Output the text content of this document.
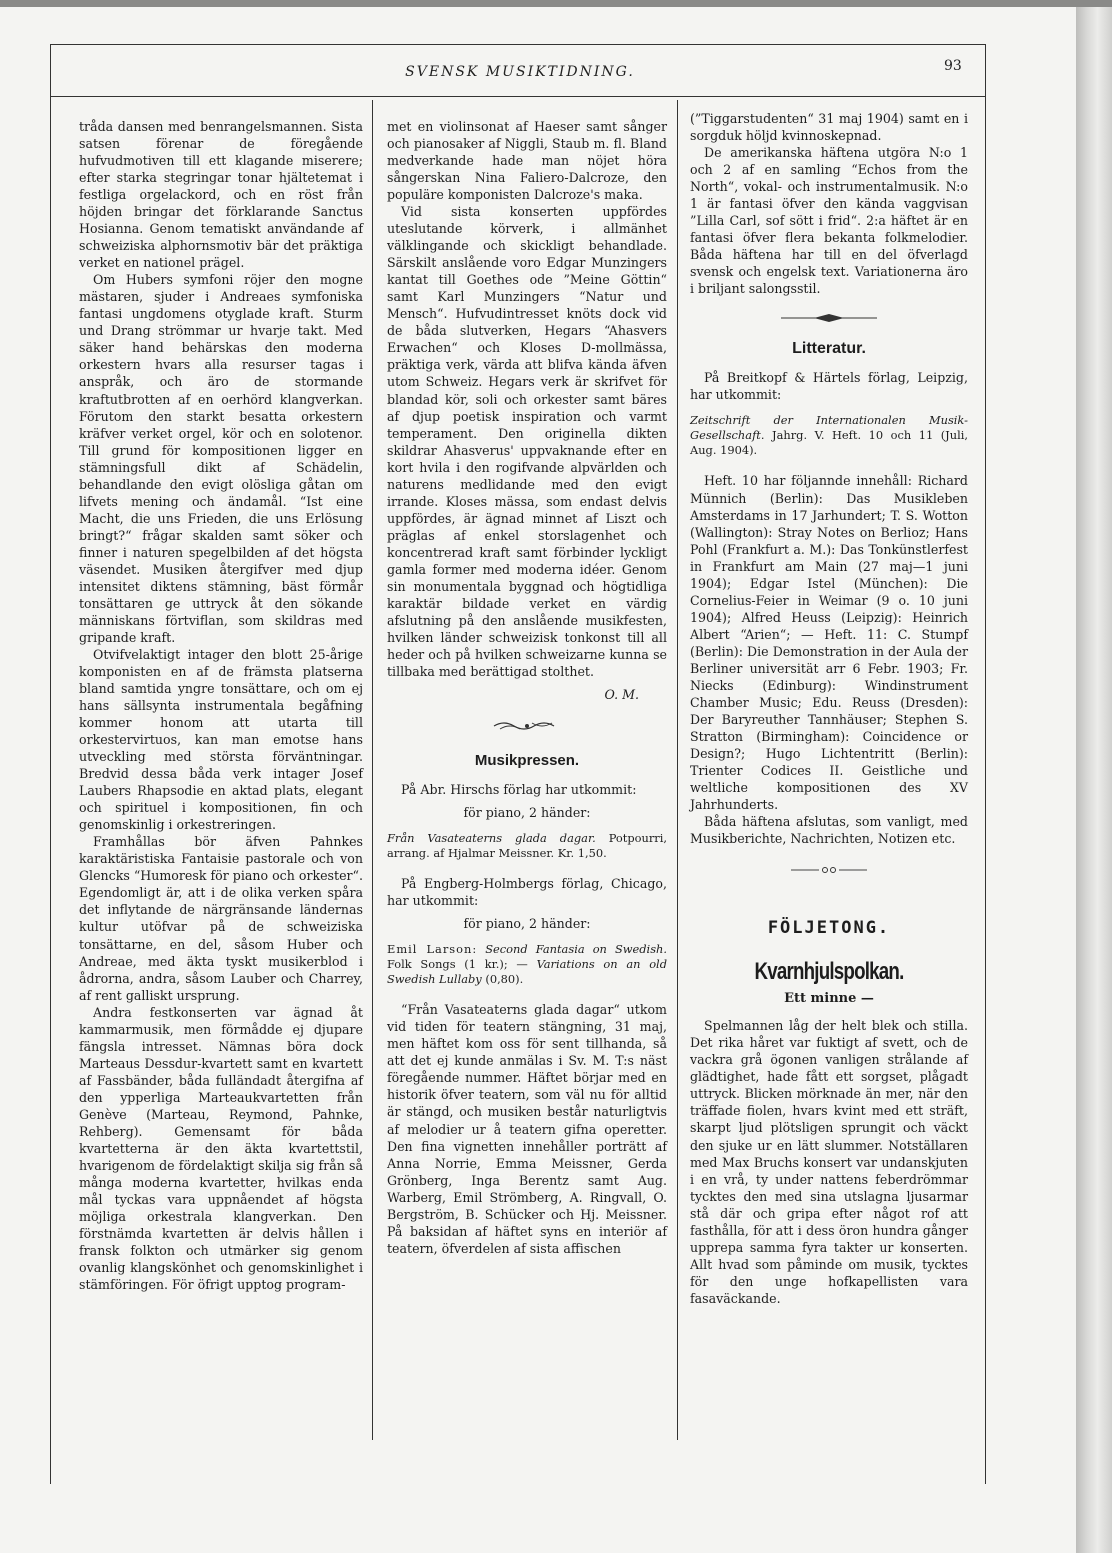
SVENSK MUSIKTIDNING.	93

tråda dansen med benrangelsmannen. Sista satsen förenar de föregående hufvudmotiven till ett klagande miserere; efter starka stegringar tonar hjältetemat i festliga orgelackord, och en röst från höjden bringar det förklarande Sanctus Hosianna. Genom tematiskt användande af schweiziska alphornsmotiv bär det präktiga verket en nationel prägel.

Om Hubers symfoni röjer den mogne mästaren, sjuder i Andreaes symfoniska fantasi ungdomens otyglade kraft. Sturm und Drang strömmar ur hvarje takt. Med säker hand behärskas den moderna orkestern hvars alla resurser tagas i anspråk, och äro de stormande kraftutbrotten af en oerhörd klangverkan. Förutom den starkt besatta orkestern kräfver verket orgel, kör och en solotenor. Till grund för kompositionen ligger en stämningsfull dikt af Schädelin, behandlande den evigt olösliga gåtan om lifvets mening och ändamål. “Ist eine Macht, die uns Frieden, die uns Erlösung bringt?“ frågar skalden samt söker och finner i naturen spegelbilden af det högsta väsendet. Musiken återgifver med djup intensitet diktens stämning, bäst förmår tonsättaren ge uttryck åt den sökande människans förtviflan, som skildras med gripande kraft.

Otvifvelaktigt intager den blott 25-årige komponisten en af de främsta platserna bland samtida yngre tonsättare, och om ej hans sällsynta instrumentala begåfning kommer honom att utarta till orkestervirtuos, kan man emotse hans utveckling med största förväntningar. Bredvid dessa båda verk intager Josef Laubers Rhapsodie en aktad plats, elegant och spirituel i kompositionen, fin och genomskinlig i orkestreringen.

Framhållas bör äfven Pahnkes karaktäristiska Fantaisie pastorale och von Glencks “Humoresk för piano och orkester“. Egendomligt är, att i de olika verken spåra det inflytande de närgränsande ländernas kultur utöfvar på de schweiziska tonsättarne, en del, såsom Huber och Andreae, med äkta tyskt musikerblod i ådrorna, andra, såsom Lauber och Charrey, af rent galliskt ursprung.

Andra festkonserten var ägnad åt kammarmusik, men förmådde ej djupare fängsla intresset. Nämnas böra dock Marteaus Dessdur-kvartett samt en kvartett af Fassbänder, båda fulländadt återgifna af den ypperliga Marteaukvartetten från Genève (Marteau, Reymond, Pahnke, Rehberg). Gemensamt för båda kvartetterna är den äkta kvartettstil, hvarigenom de fördelaktigt skilja sig från så många moderna kvartetter, hvilkas enda mål tyckas vara uppnåendet af högsta möjliga orkestrala klangverkan. Den förstnämda kvartetten är delvis hållen i fransk folkton och utmärker sig genom ovanlig klangskönhet och genomskinlighet i stämföringen. För öfrigt upptog program-

met en violinsonat af Haeser samt sånger och pianosaker af Niggli, Staub m. fl. Bland medverkande hade man nöjet höra sångerskan Nina Faliero-Dalcroze, den populäre komponisten Dalcroze's maka.

Vid sista konserten uppfördes uteslutande körverk, i allmänhet välklingande och skickligt behandlade. Särskilt anslående voro Edgar Munzingers kantat till Goethes ode ”Meine Göttin“ samt Karl Munzingers “Natur und Mensch“. Hufvudintresset knöts dock vid de båda slutverken, Hegars “Ahasvers Erwachen“ och Kloses D-mollmässa, präktiga verk, värda att blifva kända äfven utom Schweiz. Hegars verk är skrifvet för blandad kör, soli och orkester samt bäres af djup poetisk inspiration och varmt temperament. Den originella dikten skildrar Ahasverus' uppvaknande efter en kort hvila i den rogifvande alpvärlden och naturens medlidande med den evigt irrande. Kloses mässa, som endast delvis uppfördes, är ägnad minnet af Liszt och präglas af enkel storslagenhet och koncentrerad kraft samt förbinder lyckligt gamla former med moderna idéer. Genom sin monumentala byggnad och högtidliga karaktär bildade verket en värdig afslutning på den anslående musikfesten, hvilken länder schweizisk tonkonst till all heder och på hvilken schweizarne kunna se tillbaka med berättigad stolthet.

O. M.
Musikpressen.

På Abr. Hirschs förlag har utkommit:

för piano, 2 händer:

Från Vasateaterns glada dagar. Potpourri, arrang. af Hjalmar Meissner. Kr. 1,50.

På Engberg-Holmbergs förlag, Chicago, har utkommit:

för piano, 2 händer:

Emil Larson: Second Fantasia on Swedish. Folk Songs (1 kr.); — Variations on an old Swedish Lullaby (0,80).

“Från Vasateaterns glada dagar“ utkom vid tiden för teatern stängning, 31 maj, men häftet kom oss för sent tillhanda, så att det ej kunde anmälas i Sv. M. T:s näst föregående nummer. Häftet börjar med en historik öfver teatern, som väl nu för alltid är stängd, och musiken består naturligtvis af melodier ur å teatern gifna operetter. Den fina vignetten innehåller porträtt af Anna Norrie, Emma Meissner, Gerda Grönberg, Inga Berentz samt Aug. Warberg, Emil Strömberg, A. Ringvall, O. Bergström, B. Schücker och Hj. Meissner. På baksidan af häftet syns en interiör af teatern, öfverdelen af sista affischen

(”Tiggarstudenten“ 31 maj 1904) samt en i sorgduk höljd kvinnoskepnad.

De amerikanska häftena utgöra N:o 1 och 2 af en samling “Echos from the North“, vokal- och instrumentalmusik. N:o 1 är fantasi öfver den kända vaggvisan ”Lilla Carl, sof sött i frid“. 2:a häftet är en fantasi öfver flera bekanta folkmelodier. Båda häftena har till en del öfverlagd svensk och engelsk text. Variationerna äro i briljant salongsstil.

Litteratur.

På Breitkopf & Härtels förlag, Leipzig, har utkommit:

Zeitschrift der Internationalen Musik-Gesellschaft. Jahrg. V. Heft. 10 och 11 (Juli, Aug. 1904).

Heft. 10 har följannde innehåll: Richard Münnich (Berlin): Das Musikleben Amsterdams in 17 Jarhundert; T. S. Wotton (Wallington): Stray Notes on Berlioz; Hans Pohl (Frankfurt a. M.): Das Tonkünstlerfest in Frankfurt am Main (27 maj—1 juni 1904); Edgar Istel (München): Die Cornelius-Feier in Weimar (9 o. 10 juni 1904); Alfred Heuss (Leipzig): Heinrich Albert “Arien“; — Heft. 11: C. Stumpf (Berlin): Die Demonstration in der Aula der Berliner universität arr 6 Febr. 1903; Fr. Niecks (Edinburg): Windinstrument Chamber Music; Edu. Reuss (Dresden): Der Baryreuther Tannhäuser; Stephen S. Stratton (Birmingham): Coincidence or Design?; Hugo Lichtentritt (Berlin): Trienter Codices II. Geistliche und weltliche kompositionen des XV Jahrhunderts.

Båda häftena afslutas, som vanligt, med Musikberichte, Nachrichten, Notizen etc.

FÖLJETONG.
Kvarnhjulspolkan.

Ett minne —

Spelmannen låg der helt blek och stilla. Det rika håret var fuktigt af svett, och de vackra grå ögonen vanligen strålande af glädtighet, hade fått ett sorgset, plågadt uttryck. Blicken mörknade än mer, när den träffade fiolen, hvars kvint med ett sträft, skarpt ljud plötsligen sprungit och väckt den sjuke ur en lätt slummer. Notställaren med Max Bruchs konsert var undanskjuten i en vrå, ty under nattens feberdrömmar tycktes den med sina utslagna ljusarmar stå där och gripa efter något rof att fasthålla, för att i dess öron hundra gånger upprepa samma fyra takter ur konserten. Allt hvad som påminde om musik, tycktes för den unge hofkapellisten vara fasaväckande.
